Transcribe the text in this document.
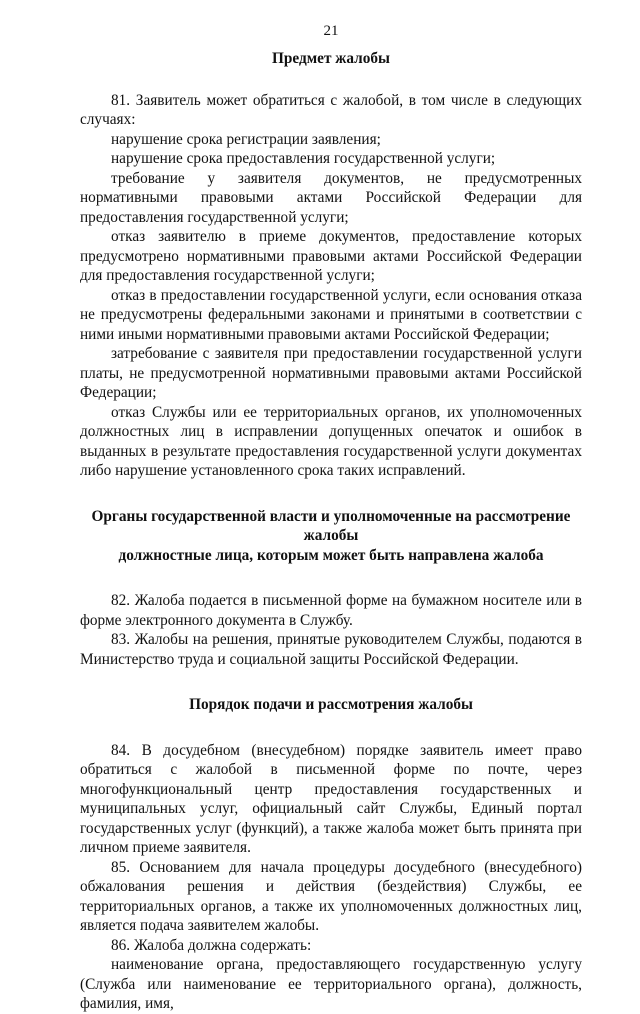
21
Предмет жалобы

81. Заявитель может обратиться с жалобой, в том числе в следующих случаях:

нарушение срока регистрации заявления;

нарушение срока предоставления государственной услуги;

требование у заявителя документов, не предусмотренных нормативными правовыми актами Российской Федерации для предоставления государственной услуги;

отказ заявителю в приеме документов, предоставление которых предусмотрено нормативными правовыми актами Российской Федерации для предоставления государственной услуги;

отказ в предоставлении государственной услуги, если основания отказа не предусмотрены федеральными законами и принятыми в соответствии с ними иными нормативными правовыми актами Российской Федерации;

затребование с заявителя при предоставлении государственной услуги платы, не предусмотренной нормативными правовыми актами Российской Федерации;

отказ Службы или ее территориальных органов, их уполномоченных должностных лиц в исправлении допущенных опечаток и ошибок в выданных в результате предоставления государственной услуги документах либо нарушение установленного срока таких исправлений.

Органы государственной власти и уполномоченные на рассмотрение жалобы
должностные лица, которым может быть направлена жалоба

82. Жалоба подается в письменной форме на бумажном носителе или в форме электронного документа в Службу.

83. Жалобы на решения, принятые руководителем Службы, подаются в Министерство труда и социальной защиты Российской Федерации.

Порядок подачи и рассмотрения жалобы

84. В досудебном (внесудебном) порядке заявитель имеет право обратиться с жалобой в письменной форме по почте, через многофункциональный центр предоставления государственных и муниципальных услуг, официальный сайт Службы, Единый портал государственных услуг (функций), а также жалоба может быть принята при личном приеме заявителя.

85. Основанием для начала процедуры досудебного (внесудебного) обжалования решения и действия (бездействия) Службы, ее территориальных органов, а также их уполномоченных должностных лиц, является подача заявителем жалобы.

86. Жалоба должна содержать:

наименование органа, предоставляющего государственную услугу (Служба или наименование ее территориального органа), должность, фамилия, имя,
